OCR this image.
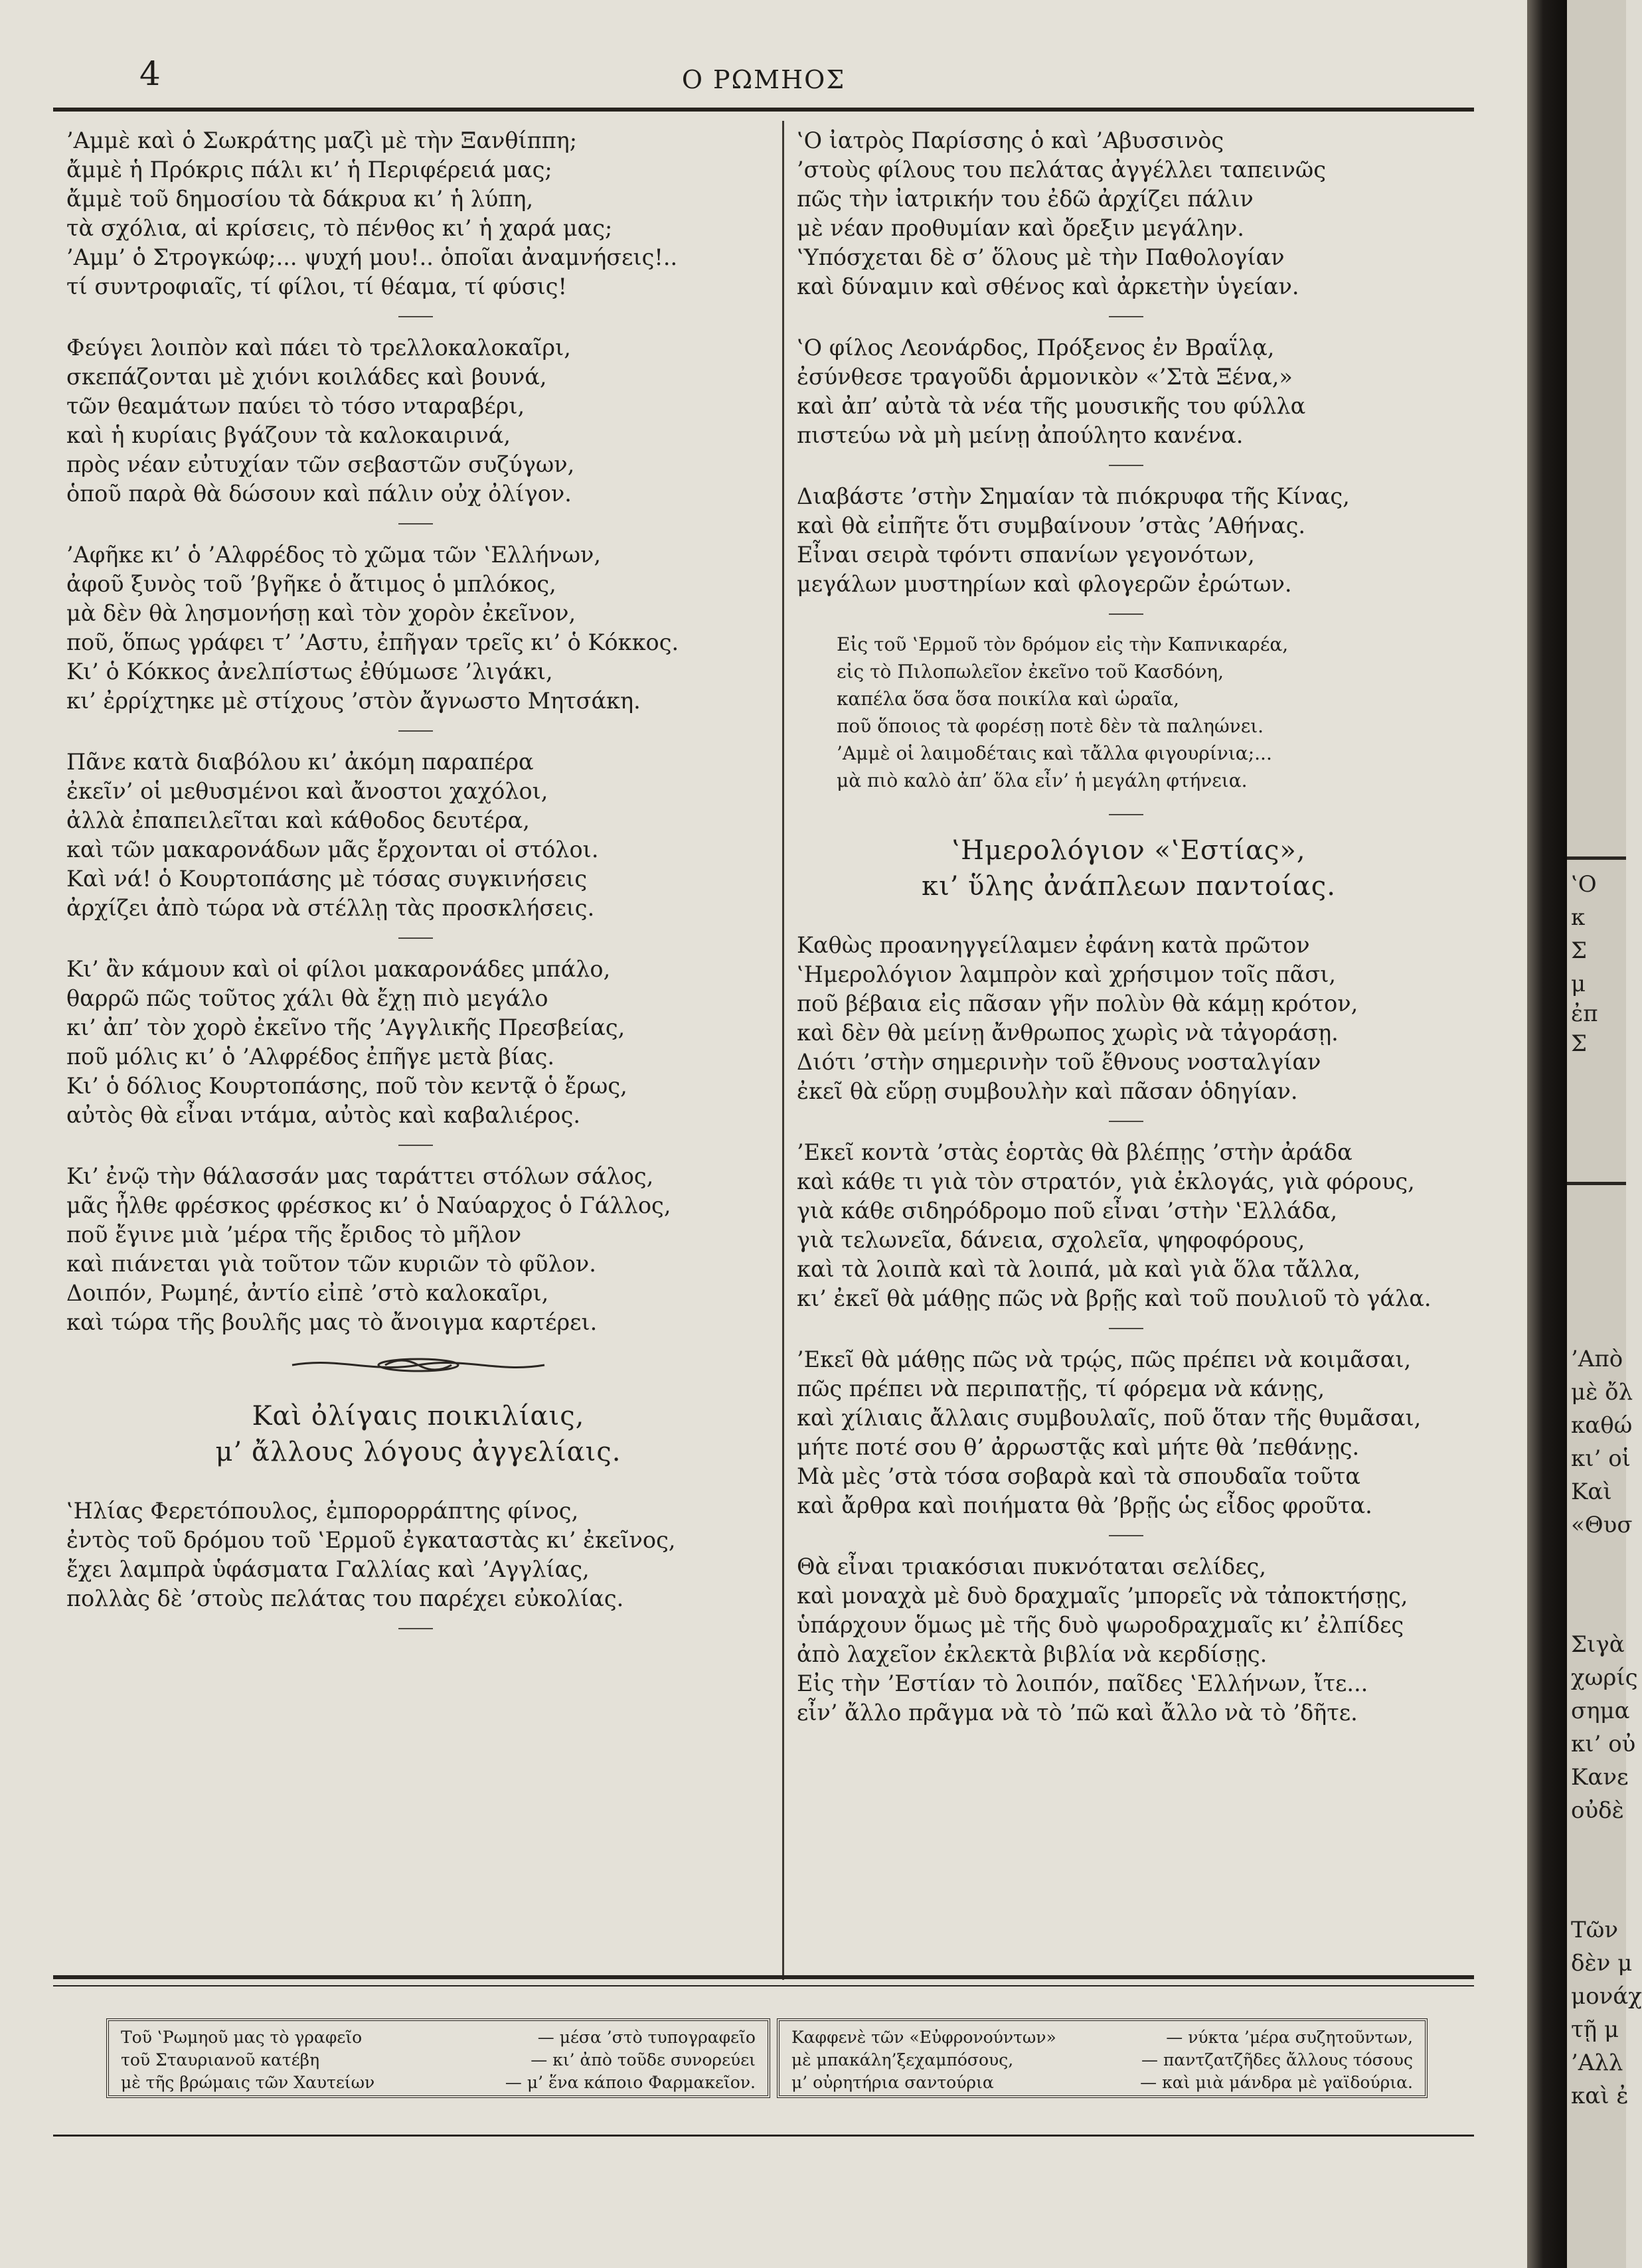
4	Ο ΡΩΜΗΟΣ
’Αμμὲ καὶ ὁ Σωκράτης μαζὶ μὲ τὴν Ξανθίππη;
ἄμμὲ ἡ Πρόκρις πάλι κι’ ἡ Περιφέρειά μας;
ἄμμὲ τοῦ δημοσίου τὰ δάκρυα κι’ ἡ λύπη,
τὰ σχόλια, αἱ κρίσεις, τὸ πένθος κι’ ἡ χαρά μας;
’Αμμ’ ὁ Στρογκώφ;... ψυχή μου!.. ὁποῖαι ἀναμνήσεις!..
τί συντροφιαῖς, τί φίλοι, τί θέαμα, τί φύσις!
Φεύγει λοιπὸν καὶ πάει τὸ τρελλοκαλοκαῖρι,
σκεπάζονται μὲ χιόνι κοιλάδες καὶ βουνά,
τῶν θεαμάτων παύει τὸ τόσο νταραβέρι,
καὶ ἡ κυρίαις βγάζουν τὰ καλοκαιρινά,
πρὸς νέαν εὐτυχίαν τῶν σεβαστῶν συζύγων,
ὁποῦ παρὰ θὰ δώσουν καὶ πάλιν οὐχ ὀλίγον.
’Αφῆκε κι’ ὁ ’Αλφρέδος τὸ χῶμα τῶν ‛Ελλήνων,
ἀφοῦ ξυνὸς τοῦ ’βγῆκε ὁ ἄτιμος ὁ μπλόκος,
μὰ δὲν θὰ λησμονήσῃ καὶ τὸν χορὸν ἐκεῖνον,
ποῦ, ὅπως γράφει τ’ ’Αστυ, ἐπῆγαν τρεῖς κι’ ὁ Κόκκος.
Κι’ ὁ Κόκκος ἀνελπίστως ἐθύμωσε ’λιγάκι,
κι’ ἐρρίχτηκε μὲ στίχους ’στὸν ἄγνωστο Μητσάκη.
Πᾶνε κατὰ διαβόλου κι’ ἀκόμη παραπέρα
ἐκεῖν’ οἱ μεθυσμένοι καὶ ἄνοστοι χαχόλοι,
ἀλλὰ ἐπαπειλεῖται καὶ κάθοδος δευτέρα,
καὶ τῶν μακαρονάδων μᾶς ἔρχονται οἱ στόλοι.
Καὶ νά! ὁ Κουρτοπάσης μὲ τόσας συγκινήσεις
ἀρχίζει ἀπὸ τώρα νὰ στέλλῃ τὰς προσκλήσεις.
Κι’ ἂν κάμουν καὶ οἱ φίλοι μακαρονάδες μπάλο,
θαρρῶ πῶς τοῦτος χάλι θὰ ἔχῃ πιὸ μεγάλο
κι’ ἀπ’ τὸν χορὸ ἐκεῖνο τῆς ’Αγγλικῆς Πρεσβείας,
ποῦ μόλις κι’ ὁ ’Αλφρέδος ἐπῆγε μετὰ βίας.
Κι’ ὁ δόλιος Κουρτοπάσης, ποῦ τὸν κεντᾷ ὁ ἔρως,
αὐτὸς θὰ εἶναι ντάμα, αὐτὸς καὶ καβαλιέρος.
Κι’ ἐνῷ τὴν θάλασσάν μας ταράττει στόλων σάλος,
μᾶς ἦλθε φρέσκος φρέσκος κι’ ὁ Ναύαρχος ὁ Γάλλος,
ποῦ ἔγινε μιὰ ’μέρα τῆς ἔριδος τὸ μῆλον
καὶ πιάνεται γιὰ τοῦτον τῶν κυριῶν τὸ φῦλον.
Δοιπόν, Ρωμηέ, ἀντίο εἰπὲ ’στὸ καλοκαῖρι,
καὶ τώρα τῆς βουλῆς μας τὸ ἄνοιγμα καρτέρει.
Καὶ ὀλίγαις ποικιλίαις,
μ’ ἄλλους λόγους ἀγγελίαις.
‛Ηλίας Φερετόπουλος, ἐμπορορράπτης φίνος,
ἐντὸς τοῦ δρόμου τοῦ ‛Ερμοῦ ἐγκαταστὰς κι’ ἐκεῖνος,
ἔχει λαμπρὰ ὑφάσματα Γαλλίας καὶ ’Αγγλίας,
πολλὰς δὲ ’στοὺς πελάτας του παρέχει εὐκολίας.
‛Ο ἰατρὸς Παρίσσης ὁ καὶ ’Αβυσσινὸς
’στοὺς φίλους του πελάτας ἀγγέλλει ταπεινῶς
πῶς τὴν ἰατρικήν του ἐδῶ ἀρχίζει πάλιν
μὲ νέαν προθυμίαν καὶ ὄρεξιν μεγάλην.
‛Υπόσχεται δὲ σ’ ὅλους μὲ τὴν Παθολογίαν
καὶ δύναμιν καὶ σθένος καὶ ἀρκετὴν ὑγείαν.
‛Ο φίλος Λεονάρδος, Πρόξενος ἐν Βραΐλᾳ,
ἐσύνθεσε τραγοῦδι ἁρμονικὸν «’Στὰ Ξένα,»
καὶ ἀπ’ αὐτὰ τὰ νέα τῆς μουσικῆς του φύλλα
πιστεύω νὰ μὴ μείνῃ ἀπούλητο κανένα.
Διαβάστε ’στὴν Σημαίαν τὰ πιόκρυφα τῆς Κίνας,
καὶ θὰ εἰπῆτε ὅτι συμβαίνουν ’στὰς ’Αθήνας.
Εἶναι σειρὰ τφόντι σπανίων γεγονότων,
μεγάλων μυστηρίων καὶ φλογερῶν ἐρώτων.
Εἰς τοῦ ‛Ερμοῦ τὸν δρόμον εἰς τὴν Καπνικαρέα,
εἰς τὸ Πιλοπωλεῖον ἐκεῖνο τοῦ Κασδόνη,
καπέλα ὅσα ὅσα ποικίλα καὶ ὡραῖα,
ποῦ ὅποιος τὰ φορέσῃ ποτὲ δὲν τὰ παληώνει.
’Αμμὲ οἱ λαιμοδέταις καὶ τἄλλα φιγουρίνια;...
μὰ πιὸ καλὸ ἀπ’ ὅλα εἶν’ ἡ μεγάλη φτήνεια.
‛Ημερολόγιον «‛Εστίας»,
κι’ ὕλης ἀνάπλεων παντοίας.
Καθὼς προανηγγείλαμεν ἐφάνη κατὰ πρῶτον
‛Ημερολόγιον λαμπρὸν καὶ χρήσιμον τοῖς πᾶσι,
ποῦ βέβαια εἰς πᾶσαν γῆν πολὺν θὰ κάμῃ κρότον,
καὶ δὲν θὰ μείνῃ ἄνθρωπος χωρὶς νὰ τἀγοράσῃ.
Διότι ’στὴν σημερινὴν τοῦ ἔθνους νοσταλγίαν
ἐκεῖ θὰ εὕρῃ συμβουλὴν καὶ πᾶσαν ὁδηγίαν.
’Εκεῖ κοντὰ ’στὰς ἑορτὰς θὰ βλέπῃς ’στὴν ἀράδα
καὶ κάθε τι γιὰ τὸν στρατόν, γιὰ ἐκλογάς, γιὰ φόρους,
γιὰ κάθε σιδηρόδρομο ποῦ εἶναι ’στὴν ‛Ελλάδα,
γιὰ τελωνεῖα, δάνεια, σχολεῖα, ψηφοφόρους,
καὶ τὰ λοιπὰ καὶ τὰ λοιπά, μὰ καὶ γιὰ ὅλα τἄλλα,
κι’ ἐκεῖ θὰ μάθῃς πῶς νὰ βρῇς καὶ τοῦ πουλιοῦ τὸ γάλα.
’Εκεῖ θὰ μάθῃς πῶς νὰ τρῴς, πῶς πρέπει νὰ κοιμᾶσαι,
πῶς πρέπει νὰ περιπατῇς, τί φόρεμα νὰ κάνῃς,
καὶ χίλιαις ἄλλαις συμβουλαῖς, ποῦ ὅταν τῆς θυμᾶσαι,
μήτε ποτέ σου θ’ ἀρρωστᾷς καὶ μήτε θὰ ’πεθάνῃς.
Μὰ μὲς ’στὰ τόσα σοβαρὰ καὶ τὰ σπουδαῖα τοῦτα
καὶ ἄρθρα καὶ ποιήματα θὰ ’βρῇς ὡς εἶδος φροῦτα.
Θὰ εἶναι τριακόσιαι πυκνόταται σελίδες,
καὶ μοναχὰ μὲ δυὸ δραχμαῖς ’μπορεῖς νὰ τἀποκτήσῃς,
ὑπάρχουν ὅμως μὲ τῆς δυὸ ψωροδραχμαῖς κι’ ἐλπίδες
ἀπὸ λαχεῖον ἐκλεκτὰ βιβλία νὰ κερδίσῃς.
Εἰς τὴν ’Εστίαν τὸ λοιπόν, παῖδες ‛Ελλήνων, ἴτε...
εἶν’ ἄλλο πρᾶγμα νὰ τὸ ’πῶ καὶ ἄλλο νὰ τὸ ’δῆτε.
Τοῦ ‛Ρωμηοῦ μας τὸ γραφεῖο	— μέσα ’στὸ τυπογραφεῖο
τοῦ Σταυριανοῦ κατέβη	— κι’ ἀπὸ τοῦδε συνορεύει
μὲ τῆς βρώμαις τῶν Χαυτείων	— μ’ ἕνα κάποιο Φαρμακεῖον.
Καφφενὲ τῶν «Εὐφρονούντων»	— νύκτα ’μέρα συζητοῦντων,
μὲ μπακάλη’ξεχαμπόσους,	— παντζατζῆδες ἄλλους τόσους
μ’ οὐρητήρια σαντούρια	— καὶ μιὰ μάνδρα μὲ γαϊδούρια.
‛Ο
κ
Σ
μ
ἐπ
Σ
’Απὸ
μὲ ὄλ
καθώ
κι’ οἱ
Καὶ
«Θυσ
Σιγὰ
χωρίς
σημα
κι’ οὐ
Κανε
οὐδὲ
Τῶν
δὲν μ
μονάχ
τῇ μ
’Αλλ
καὶ ἐ
